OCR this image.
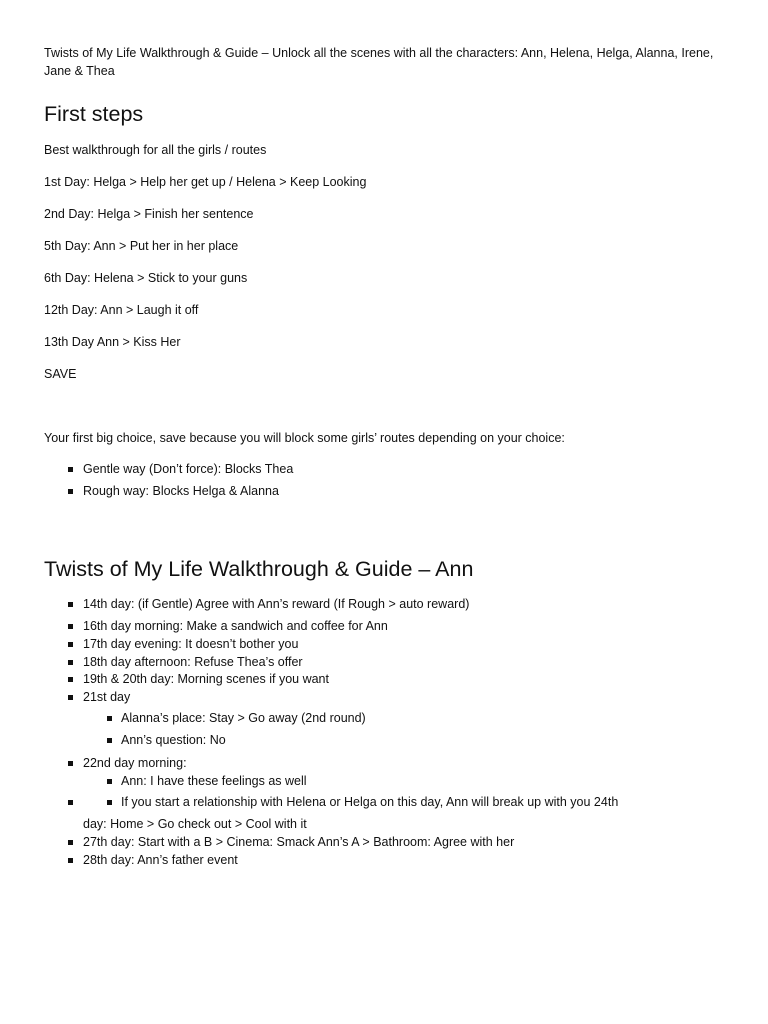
Twists of My Life Walkthrough & Guide – Unlock all the scenes with all the characters: Ann, Helena, Helga, Alanna, Irene, Jane & Thea
First steps
Best walkthrough for all the girls / routes
1st Day: Helga > Help her get up / Helena > Keep Looking
2nd Day: Helga > Finish her sentence
5th Day: Ann > Put her in her place
6th Day: Helena > Stick to your guns
12th Day: Ann > Laugh it off
13th Day Ann > Kiss Her
SAVE
Your first big choice, save because you will block some girls’ routes depending on your choice:
Gentle way (Don’t force): Blocks Thea
Rough way: Blocks Helga & Alanna
Twists of My Life Walkthrough & Guide – Ann
14th day: (if Gentle) Agree with Ann’s reward (If Rough > auto reward)
16th day morning: Make a sandwich and coffee for Ann
17th day evening: It doesn’t bother you
18th day afternoon: Refuse Thea’s offer
19th & 20th day: Morning scenes if you want
21st day
Alanna’s place: Stay > Go away (2nd round)
Ann’s question: No
22nd day morning:
Ann: I have these feelings as well
If you start a relationship with Helena or Helga on this day, Ann will break up with you 24th
day: Home > Go check out > Cool with it
27th day: Start with a B > Cinema: Smack Ann’s A > Bathroom: Agree with her
28th day: Ann’s father event
